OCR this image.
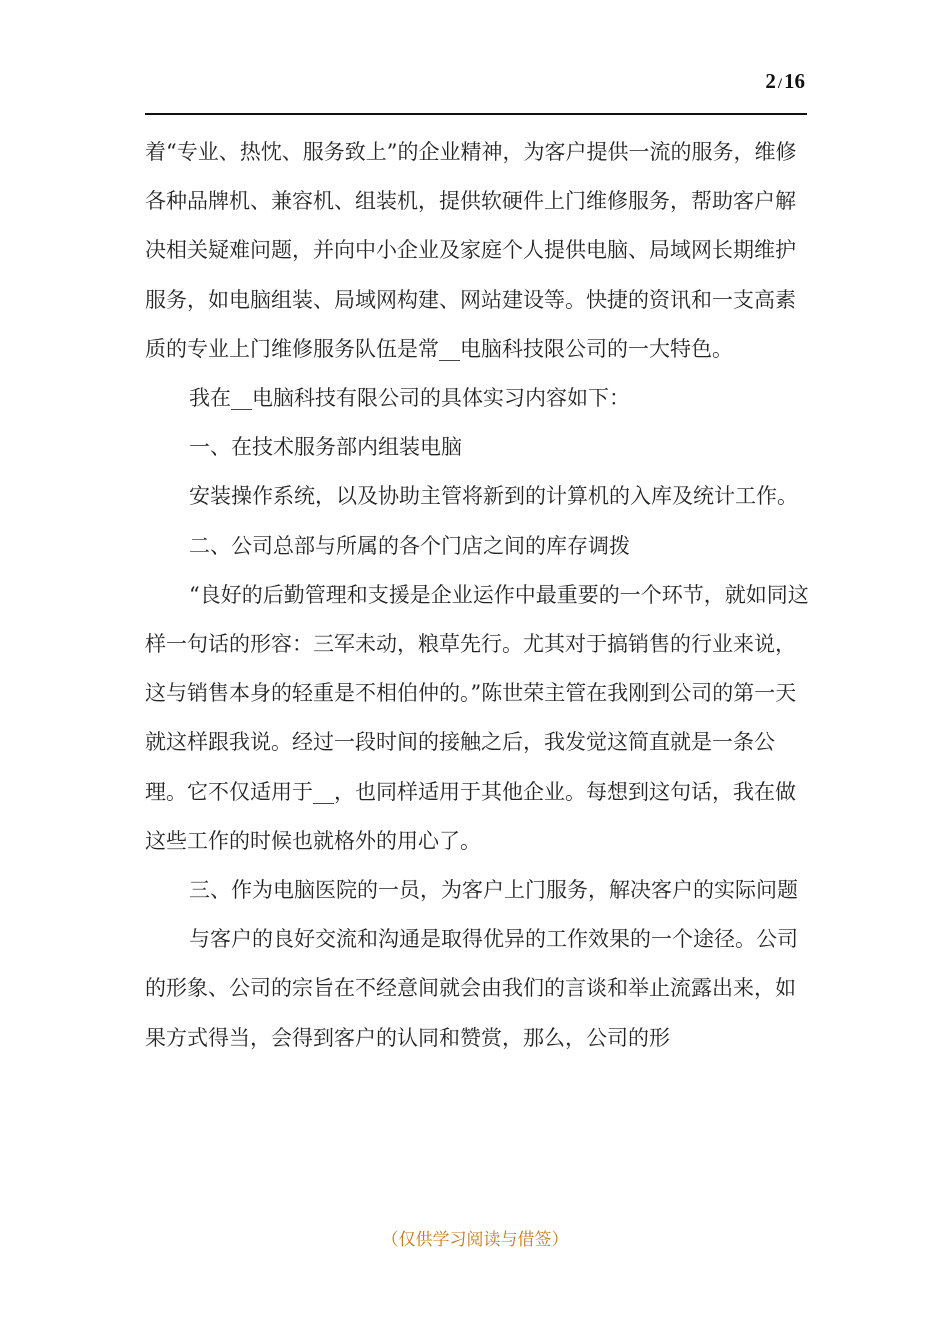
2 /16

着“专业、热忱、服务致上”的企业精神，为客户提供一流的服务，维修各种品牌机、兼容机、组装机，提供软硬件上门维修服务，帮助客户解决相关疑难问题，并向中小企业及家庭个人提供电脑、局域网长期维护服务，如电脑组装、局域网构建、网站建设等。快捷的资讯和一支高素质的专业上门维修服务队伍是常__电脑科技限公司的一大特色。

我在__电脑科技有限公司的具体实习内容如下：

一、在技术服务部内组装电脑

安装操作系统，以及协助主管将新到的计算机的入库及统计工作。

二、公司总部与所属的各个门店之间的库存调拨

“良好的后勤管理和支援是企业运作中最重要的一个环节，就如同这样一句话的形容：三军未动，粮草先行。尤其对于搞销售的行业来说，这与销售本身的轻重是不相伯仲的。”陈世荣主管在我刚到公司的第一天就这样跟我说。经过一段时间的接触之后，我发觉这简直就是一条公理。它不仅适用于__，也同样适用于其他企业。每想到这句话，我在做这些工作的时候也就格外的用心了。

三、作为电脑医院的一员，为客户上门服务，解决客户的实际问题

与客户的良好交流和沟通是取得优异的工作效果的一个途径。公司的形象、公司的宗旨在不经意间就会由我们的言谈和举止流露出来，如果方式得当，会得到客户的认同和赞赏，那么，公司的形

（仅供学习阅读与借签）
